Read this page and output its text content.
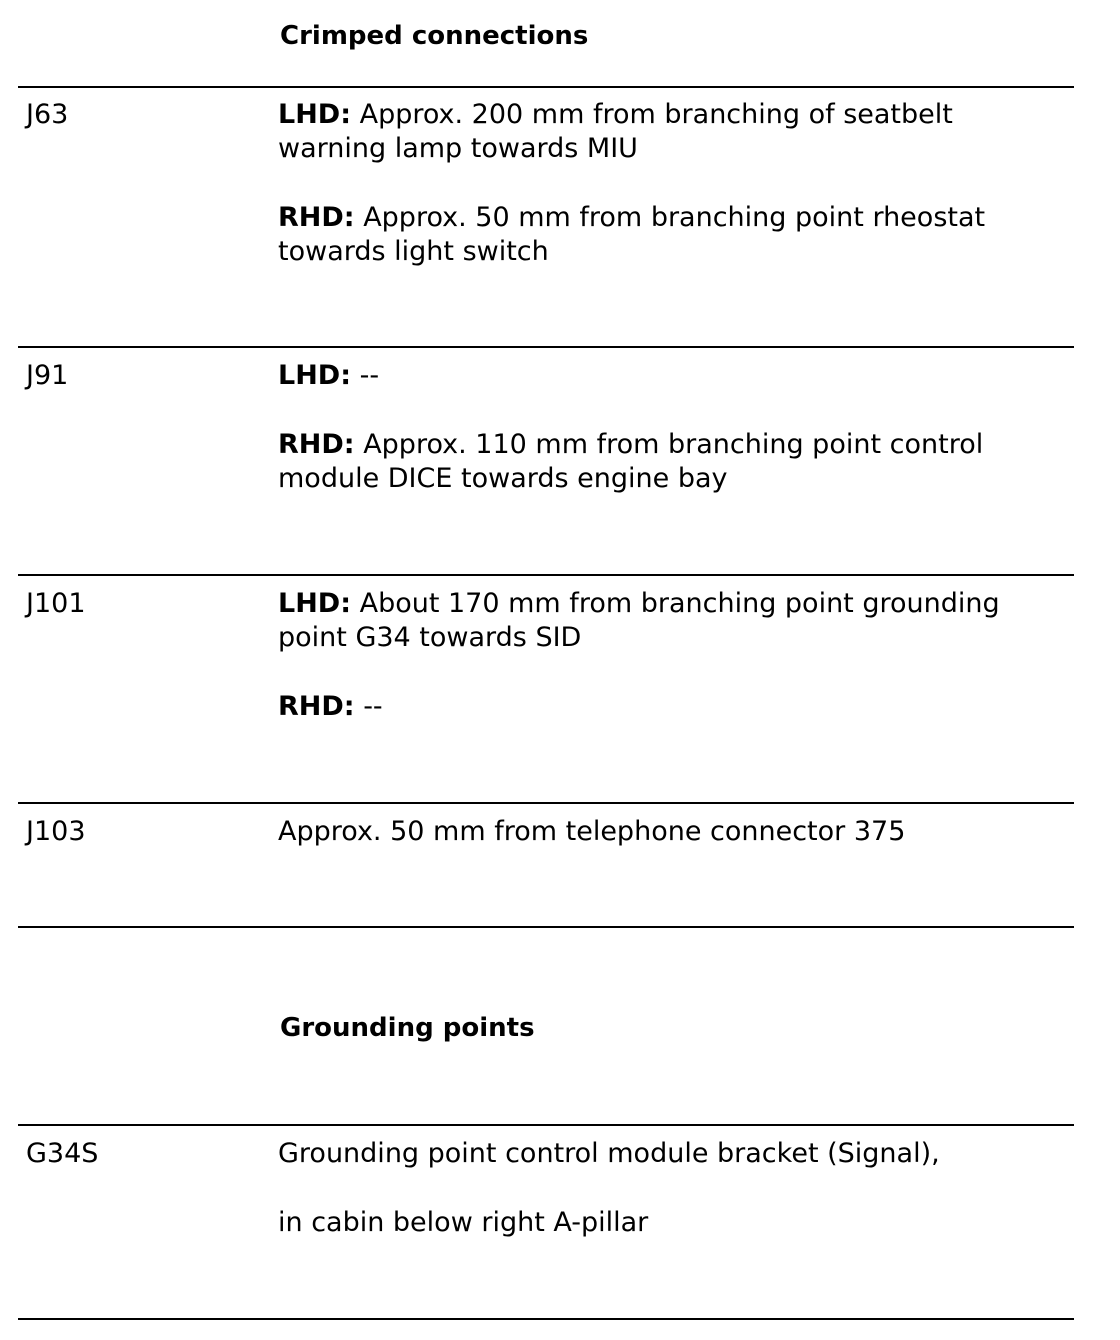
Crimped connections
J63	LHD: Approx. 200 mm from branching of seatbelt warning lamp towards MIU

RHD: Approx. 50 mm from branching point rheostat towards light switch

J91	LHD: --

RHD: Approx. 110 mm from branching point control module DICE towards engine bay

J101	LHD: About 170 mm from branching point grounding point G34 towards SID

RHD: --

J103	Approx. 50 mm from telephone connector 375
Grounding points
G34S	Grounding point control module bracket (Signal),

in cabin below right A-pillar
